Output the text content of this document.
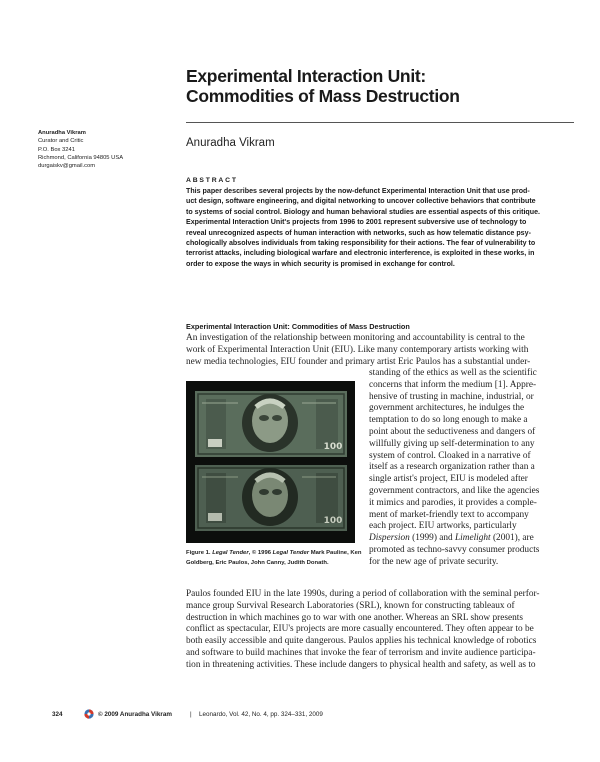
Experimental Interaction Unit:
Commodities of Mass Destruction
Anuradha Vikram
Curator and Critic
P.O. Box 3241
Richmond, California 94805 USA
durgaiskv@gmail.com
Anuradha Vikram
ABSTRACT
This paper describes several projects by the now-defunct Experimental Interaction Unit that use prod-
uct design, software engineering, and digital networking to uncover collective behaviors that contribute
to systems of social control. Biology and human behavioral studies are essential aspects of this critique.
Experimental Interaction Unit's projects from 1996 to 2001 represent subversive use of technology to
reveal unrecognized aspects of human interaction with networks, such as how telematic distance psy-
chologically absolves individuals from taking responsibility for their actions. The fear of vulnerability to
terrorist attacks, including biological warfare and electronic interference, is exploited in these works, in
order to expose the ways in which security is promised in exchange for control.
Experimental Interaction Unit: Commodities of Mass Destruction
An investigation of the relationship between monitoring and accountability is central to the
work of Experimental Interaction Unit (EIU). Like many contemporary artists working with
new media technologies, EIU founder and primary artist Eric Paulos has a substantial under-
standing of the ethics as well as the scientific
concerns that inform the medium [1]. Appre-
hensive of trusting in machine, industrial, or
government architectures, he indulges the
temptation to do so long enough to make a
point about the seductiveness and dangers of
willfully giving up self-determination to any
system of control. Cloaked in a narrative of
itself as a research organization rather than a
single artist's project, EIU is modeled after
government contractors, and like the agencies
it mimics and parodies, it provides a comple-
ment of market-friendly text to accompany
each project. EIU artworks, particularly
Dispersion (1999) and Limelight (2001), are
promoted as techno-savvy consumer products
for the new age of private security.
100
100
Figure 1. Legal Tender, © 1996 Legal Tender Mark Pauline, Ken
Goldberg, Eric Paulos, John Canny, Judith Donath.
Paulos founded EIU in the late 1990s, during a period of collaboration with the seminal perfor-
mance group Survival Research Laboratories (SRL), known for constructing tableaux of
destruction in which machines go to war with one another. Whereas an SRL show presents
conflict as spectacular, EIU's projects are more casually encountered. They often appear to be
both easily accessible and quite dangerous. Paulos applies his technical knowledge of robotics
and software to build machines that invoke the fear of terrorism and invite audience participa-
tion in threatening activities. These include dangers to physical health and safety, as well as to
324	© 2009 Anuradha Vikram	| Leonardo, Vol. 42, No. 4, pp. 324–331, 2009
